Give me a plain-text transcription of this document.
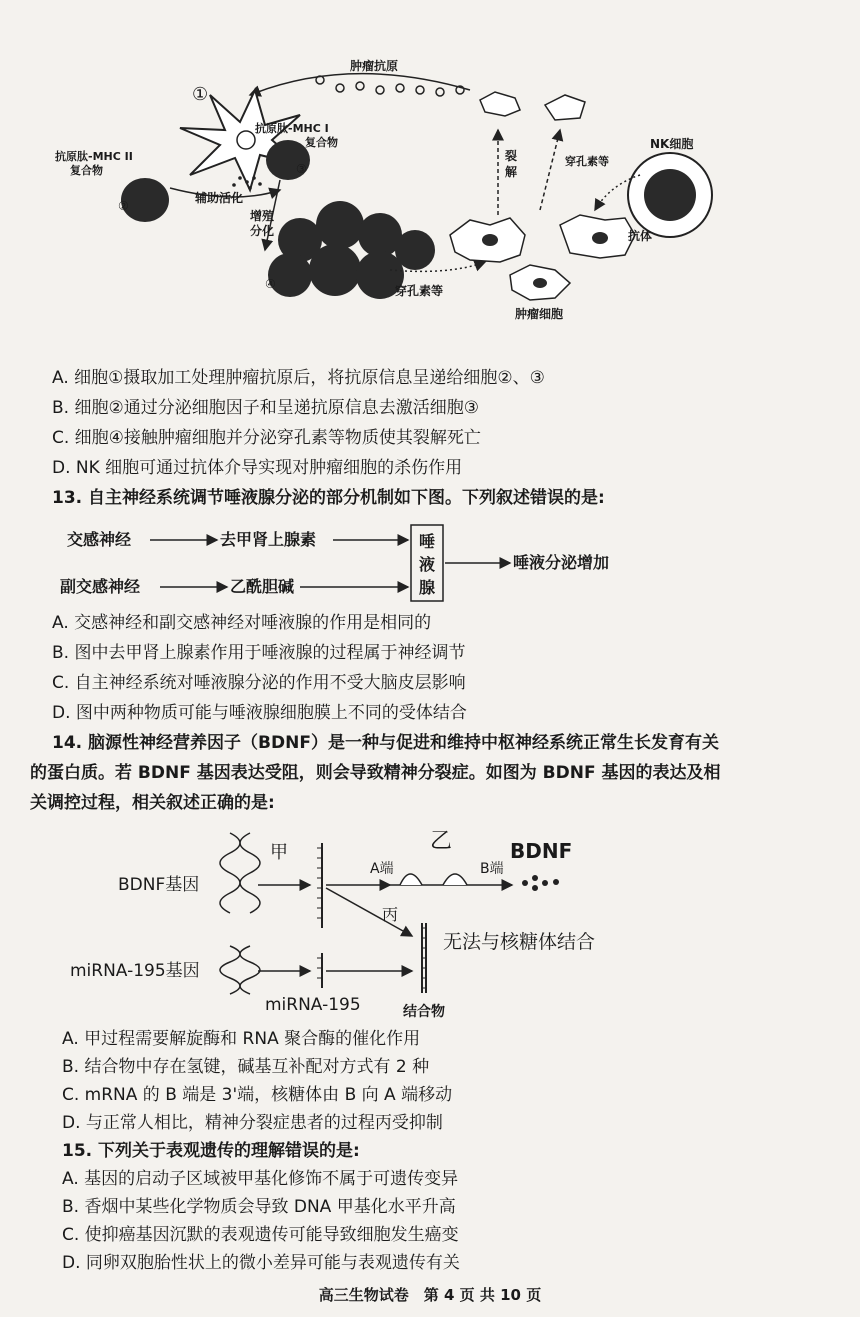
肿瘤抗原
①
抗原肽-MHC II
复合物
抗原肽-MHC I
复合物
②
③
④
辅助活化
增殖
分化
裂
解
穿孔素等
NK细胞
抗体
穿孔素等
肿瘤细胞
A. 细胞①摄取加工处理肿瘤抗原后，将抗原信息呈递给细胞②、③
B. 细胞②通过分泌细胞因子和呈递抗原信息去激活细胞③
C. 细胞④接触肿瘤细胞并分泌穿孔素等物质使其裂解死亡
D. NK 细胞可通过抗体介导实现对肿瘤细胞的杀伤作用
13. 自主神经系统调节唾液腺分泌的部分机制如下图。下列叙述错误的是:
交感神经	去甲肾上腺素
副交感神经	乙酰胆碱
唾
液
腺
唾液分泌增加
A. 交感神经和副交感神经对唾液腺的作用是相同的
B. 图中去甲肾上腺素作用于唾液腺的过程属于神经调节
C. 自主神经系统对唾液腺分泌的作用不受大脑皮层影响
D. 图中两种物质可能与唾液腺细胞膜上不同的受体结合
14. 脑源性神经营养因子（BDNF）是一种与促进和维持中枢神经系统正常生长发育有关
的蛋白质。若 BDNF 基因表达受阻，则会导致精神分裂症。如图为 BDNF 基因的表达及相
关调控过程，相关叙述正确的是:
BDNF基因
甲
A端
乙
B端
BDNF
丙
无法与核糖体结合
miRNA-195基因
miRNA-195	结合物
A. 甲过程需要解旋酶和 RNA 聚合酶的催化作用
B. 结合物中存在氢键，碱基互补配对方式有 2 种
C. mRNA 的 B 端是 3'端，核糖体由 B 向 A 端移动
D. 与正常人相比，精神分裂症患者的过程丙受抑制
15. 下列关于表观遗传的理解错误的是:
A. 基因的启动子区域被甲基化修饰不属于可遗传变异
B. 香烟中某些化学物质会导致 DNA 甲基化水平升高
C. 使抑癌基因沉默的表观遗传可能导致细胞发生癌变
D. 同卵双胞胎性状上的微小差异可能与表观遗传有关
高三生物试卷　第 4 页 共 10 页
